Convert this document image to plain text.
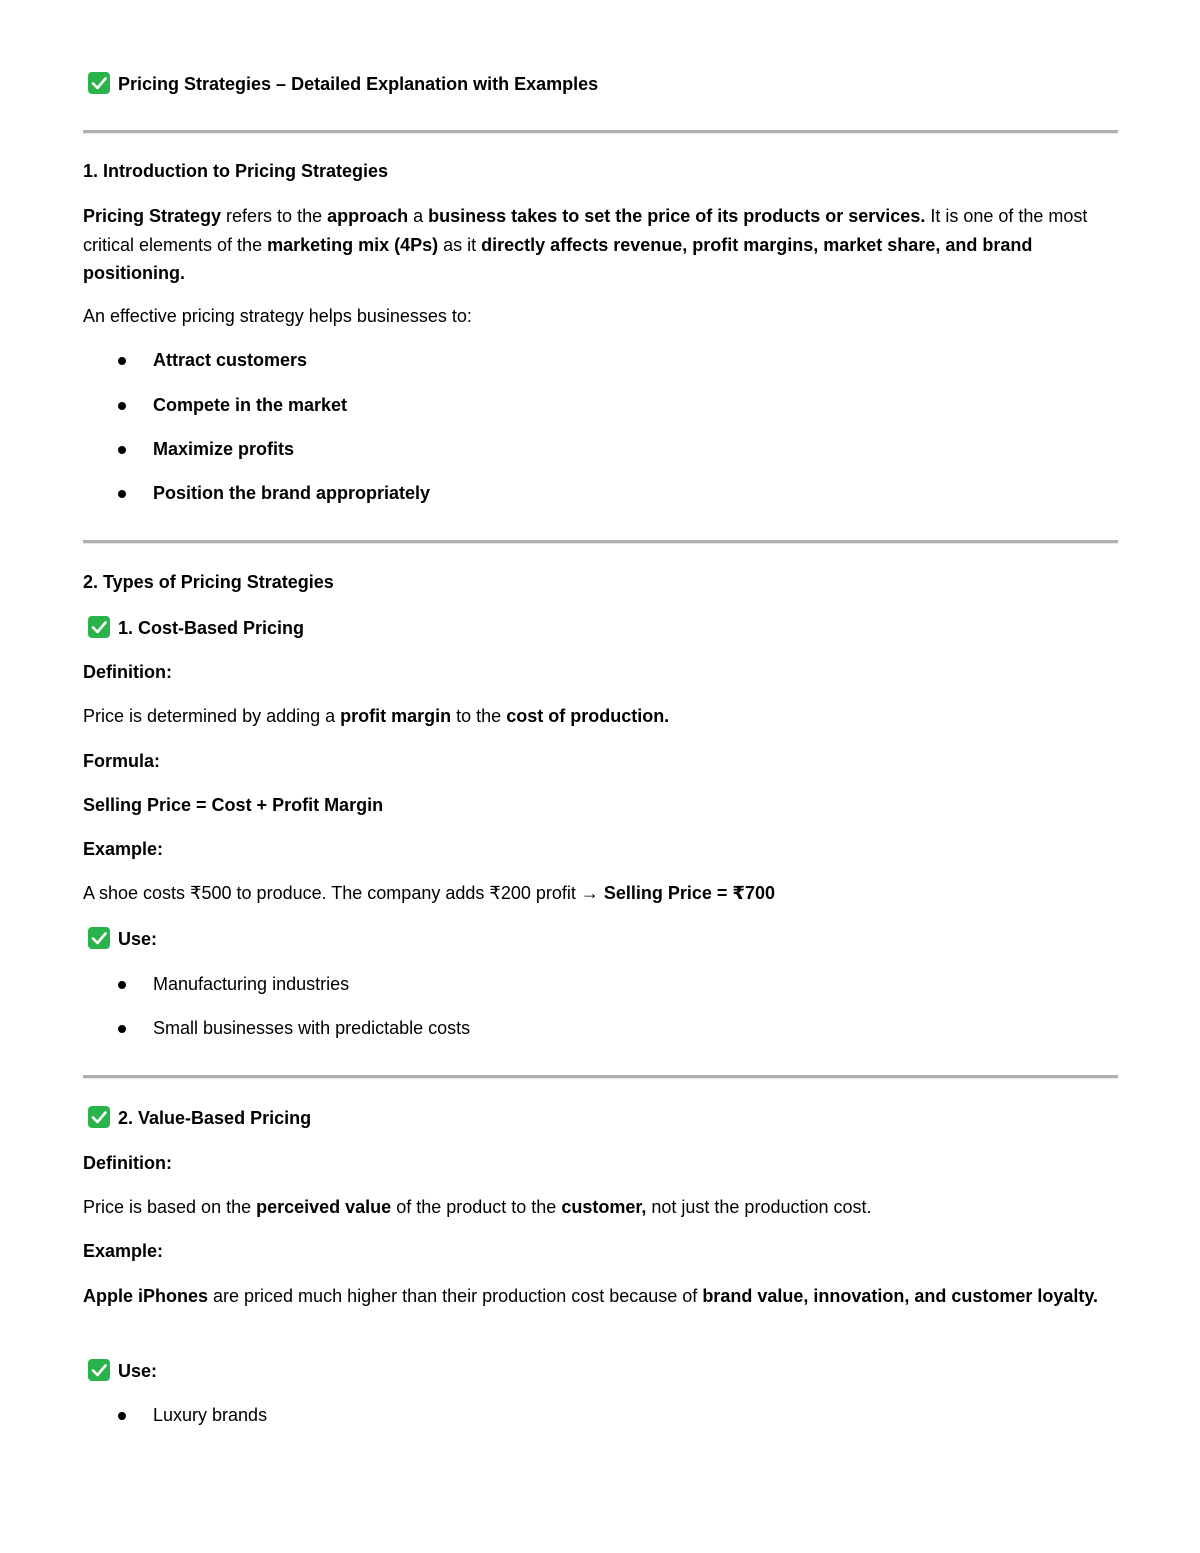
Pricing Strategies – Detailed Explanation with Examples
1. Introduction to Pricing Strategies
Pricing Strategy refers to the approach a business takes to set the price of its products or services. It is one of the most critical elements of the marketing mix (4Ps) as it directly affects revenue, profit margins, market share, and brand positioning.
An effective pricing strategy helps businesses to:
Attract customers
Compete in the market
Maximize profits
Position the brand appropriately
2. Types of Pricing Strategies
1. Cost-Based Pricing
Definition:
Price is determined by adding a profit margin to the cost of production.
Formula:
Selling Price = Cost + Profit Margin
Example:
A shoe costs ₹500 to produce. The company adds ₹200 profit → Selling Price = ₹700
Use:
Manufacturing industries
Small businesses with predictable costs
2. Value-Based Pricing
Definition:
Price is based on the perceived value of the product to the customer, not just the production cost.
Example:
Apple iPhones are priced much higher than their production cost because of brand value, innovation, and customer loyalty.
Use:
Luxury brands
